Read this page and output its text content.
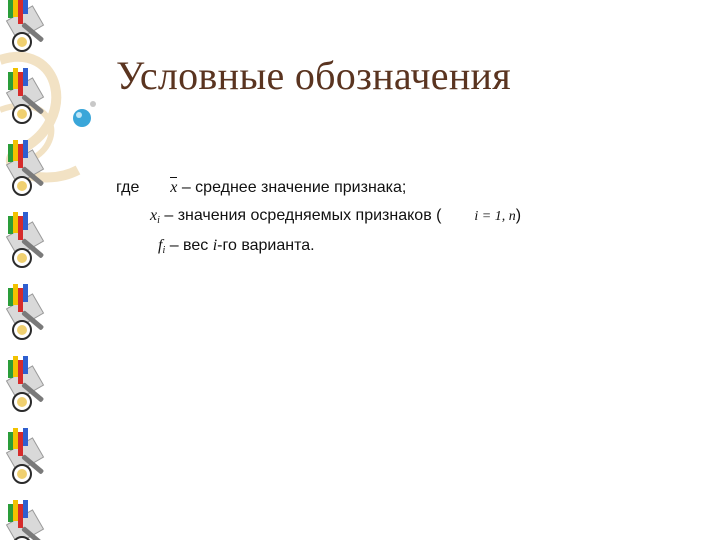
Условные обозначения
где x – среднее значение признака;
$x_i$ – значения осредняемых признаков ( i = 1, n)
$f_i$ – вес i-го варианта.
